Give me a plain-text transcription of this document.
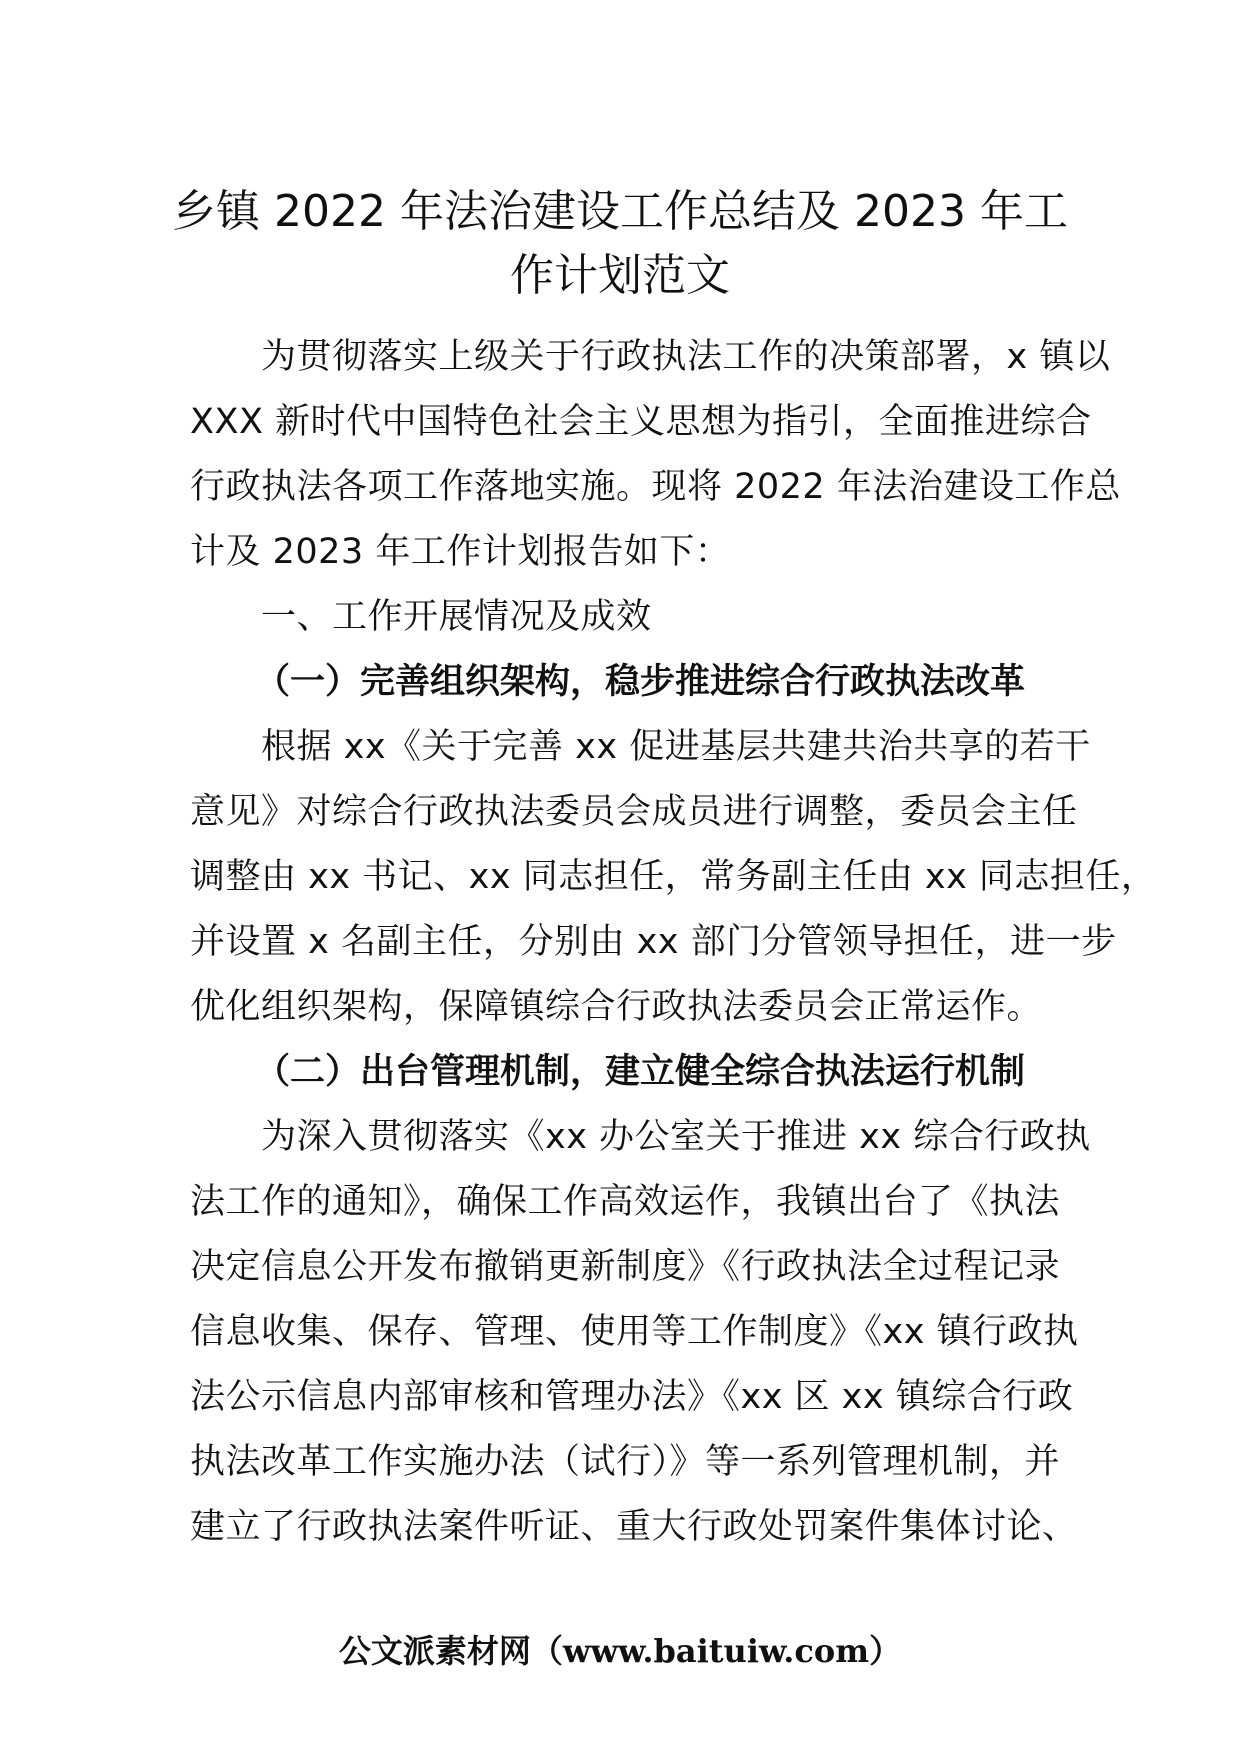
乡镇 2022 年法治建设工作总结及 2023 年工
作计划范文
　　为贯彻落实上级关于行政执法工作的决策部署，x 镇以
XXX 新时代中国特色社会主义思想为指引，全面推进综合
行政执法各项工作落地实施。现将 2022 年法治建设工作总
计及 2023 年工作计划报告如下：
　　一、工作开展情况及成效
（一）完善组织架构，稳步推进综合行政执法改革
　　根据 xx《关于完善 xx 促进基层共建共治共享的若干
意见》对综合行政执法委员会成员进行调整，委员会主任
调整由 xx 书记、xx 同志担任，常务副主任由 xx 同志担任，
并设置 x 名副主任，分别由 xx 部门分管领导担任，进一步
优化组织架构，保障镇综合行政执法委员会正常运作。
（二）出台管理机制，建立健全综合执法运行机制
　　为深入贯彻落实《xx 办公室关于推进 xx 综合行政执
法工作的通知》，确保工作高效运作，我镇出台了《执法
决定信息公开发布撤销更新制度》《行政执法全过程记录
信息收集、保存、管理、使用等工作制度》《xx 镇行政执
法公示信息内部审核和管理办法》《xx 区 xx 镇综合行政
执法改革工作实施办法（试行）》等一系列管理机制，并
建立了行政执法案件听证、重大行政处罚案件集体讨论、
公文派素材网（www.baituiw.com）
